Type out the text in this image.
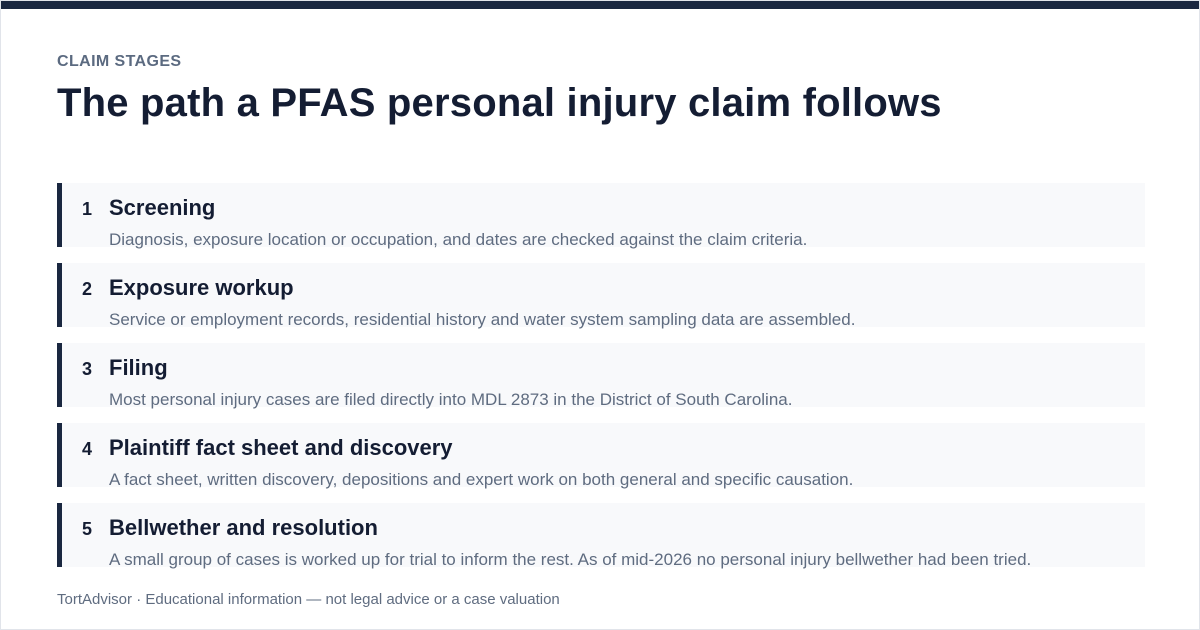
CLAIM STAGES
The path a PFAS personal injury claim follows
1 Screening
Diagnosis, exposure location or occupation, and dates are checked against the claim criteria.
2 Exposure workup
Service or employment records, residential history and water system sampling data are assembled.
3 Filing
Most personal injury cases are filed directly into MDL 2873 in the District of South Carolina.
4 Plaintiff fact sheet and discovery
A fact sheet, written discovery, depositions and expert work on both general and specific causation.
5 Bellwether and resolution
A small group of cases is worked up for trial to inform the rest. As of mid-2026 no personal injury bellwether had been tried.
TortAdvisor · Educational information — not legal advice or a case valuation
